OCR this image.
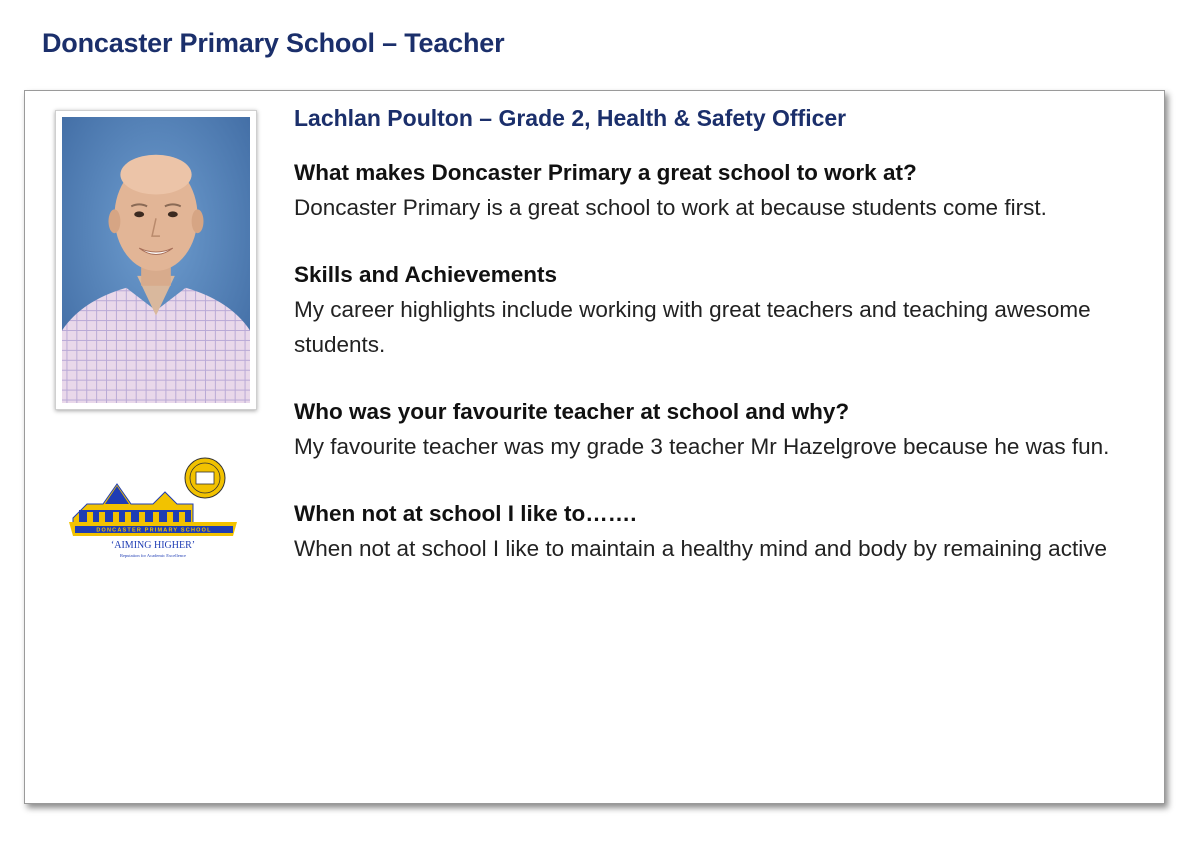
Doncaster Primary School – Teacher
DONCASTER PRIMARY SCHOOL
‘AIMING HIGHER’
Reputation for Academic Excellence
Lachlan Poulton – Grade 2, Health & Safety Officer
What makes Doncaster Primary a great school to work at?
Doncaster Primary is a great school to work at because students come first.
Skills and Achievements
My career highlights include working with great teachers and teaching awesome students.
Who was your favourite teacher at school and why?
My favourite teacher was my grade 3 teacher Mr Hazelgrove because he was fun.
When not at school I like to…….
When not at school I like to maintain a healthy mind and body by remaining active
